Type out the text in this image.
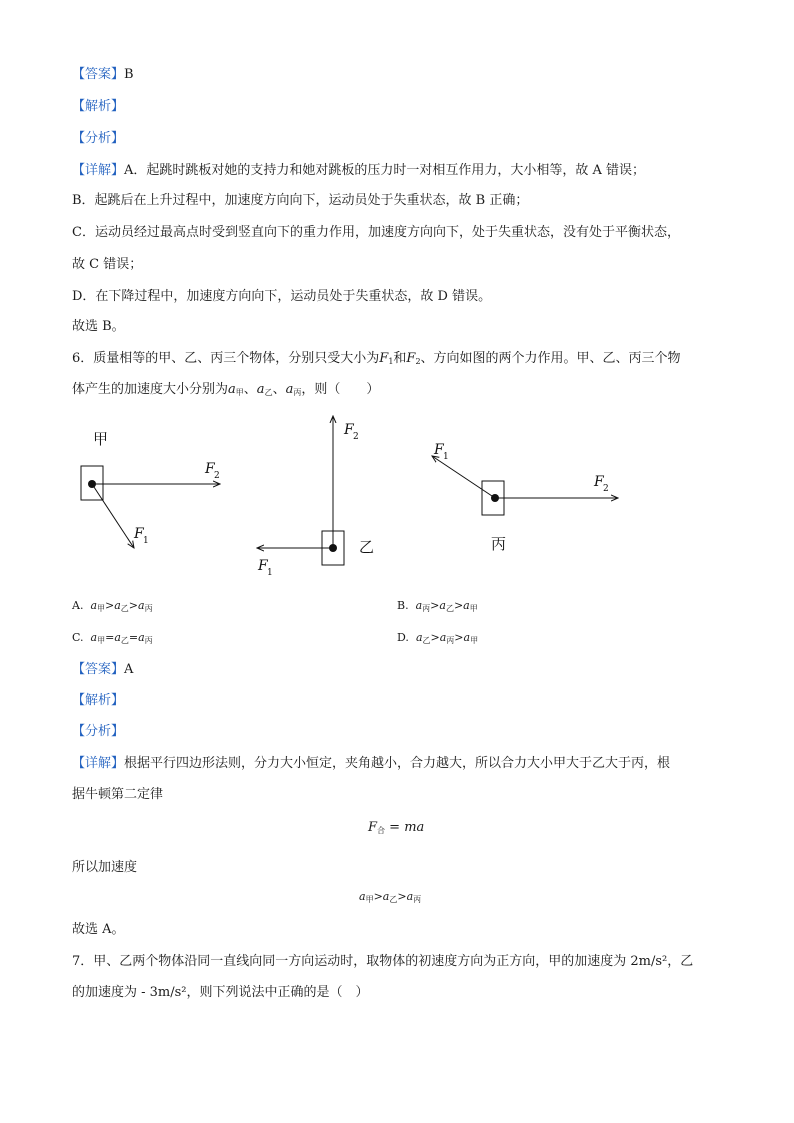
【答案】B
【解析】
【分析】
【详解】A．起跳时跳板对她的支持力和她对跳板的压力时一对相互作用力，大小相等，故 A 错误；
B．起跳后在上升过程中，加速度方向向下，运动员处于失重状态，故 B 正确；
C．运动员经过最高点时受到竖直向下的重力作用，加速度方向向下，处于失重状态，没有处于平衡状态，
故 C 错误；
D．在下降过程中，加速度方向向下，运动员处于失重状态，故 D 错误。
故选 B。
6．质量相等的甲、乙、丙三个物体，分别只受大小为$F_1$和$F_2$、方向如图的两个力作用。甲、乙、丙三个物
体产生的加速度大小分别为$a_甲$、$a_乙$、$a_丙$，则（　　）
甲
F 2
F 1
F 2
F 1
乙
F 2
F 1
丙
A. $a_甲>a_乙>a_丙$	B. $a_丙>a_乙>a_甲$
C. $a_甲=a_乙=a_丙$	D. $a_乙>a_丙>a_甲$
【答案】A
【解析】
【分析】
【详解】根据平行四边形法则，分力大小恒定，夹角越小，合力越大，所以合力大小甲大于乙大于丙，根
据牛顿第二定律
$F_合$ = ma
所以加速度
$a_甲>a_乙>a_丙$
故选 A。
7．甲、乙两个物体沿同一直线向同一方向运动时，取物体的初速度方向为正方向，甲的加速度为 2m/s²，乙
的加速度为 - 3m/s²，则下列说法中正确的是（　）
